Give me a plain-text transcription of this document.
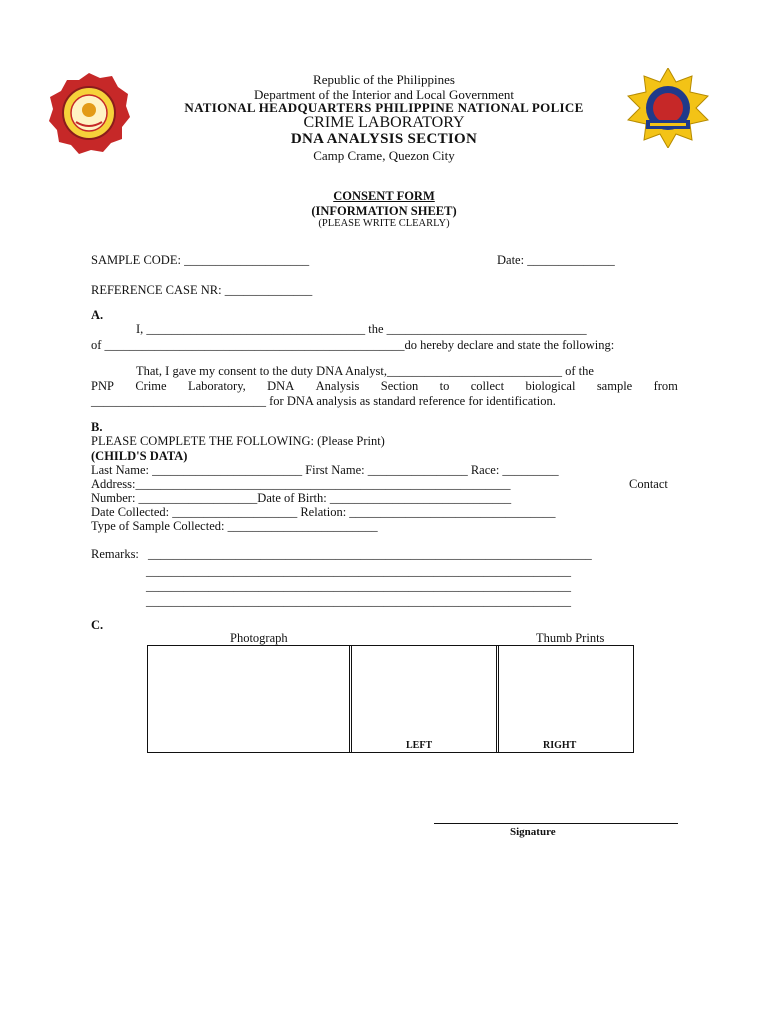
Republic of the Philippines
Department of the Interior and Local Government
NATIONAL HEADQUARTERS PHILIPPINE NATIONAL POLICE
CRIME LABORATORY
DNA ANALYSIS SECTION
Camp Crame, Quezon City
CONSENT FORM
(INFORMATION SHEET)
(PLEASE WRITE CLEARLY)
SAMPLE CODE: ____________________	Date: ______________
REFERENCE CASE NR: ______________
A.
I, ___________________________________ the ________________________________
of ________________________________________________do hereby declare and state the following:
That, I gave my consent to the duty DNA Analyst,____________________________ of the
PNP Crime Laboratory, DNA Analysis Section to collect biological sample from
____________________________ for DNA analysis as standard reference for identification.
B.
PLEASE COMPLETE THE FOLLOWING: (Please Print)
(CHILD'S DATA)
Last Name: ________________________ First Name: ________________ Race: _________
Address:____________________________________________________________	Contact
Number: ___________________Date of Birth: _____________________________
Date Collected: ____________________ Relation: _________________________________
Type of Sample Collected: ________________________
Remarks: _______________________________________________________________________
____________________________________________________________________
____________________________________________________________________
____________________________________________________________________
C.
Photograph	Thumb Prints
LEFT	RIGHT
Signature
